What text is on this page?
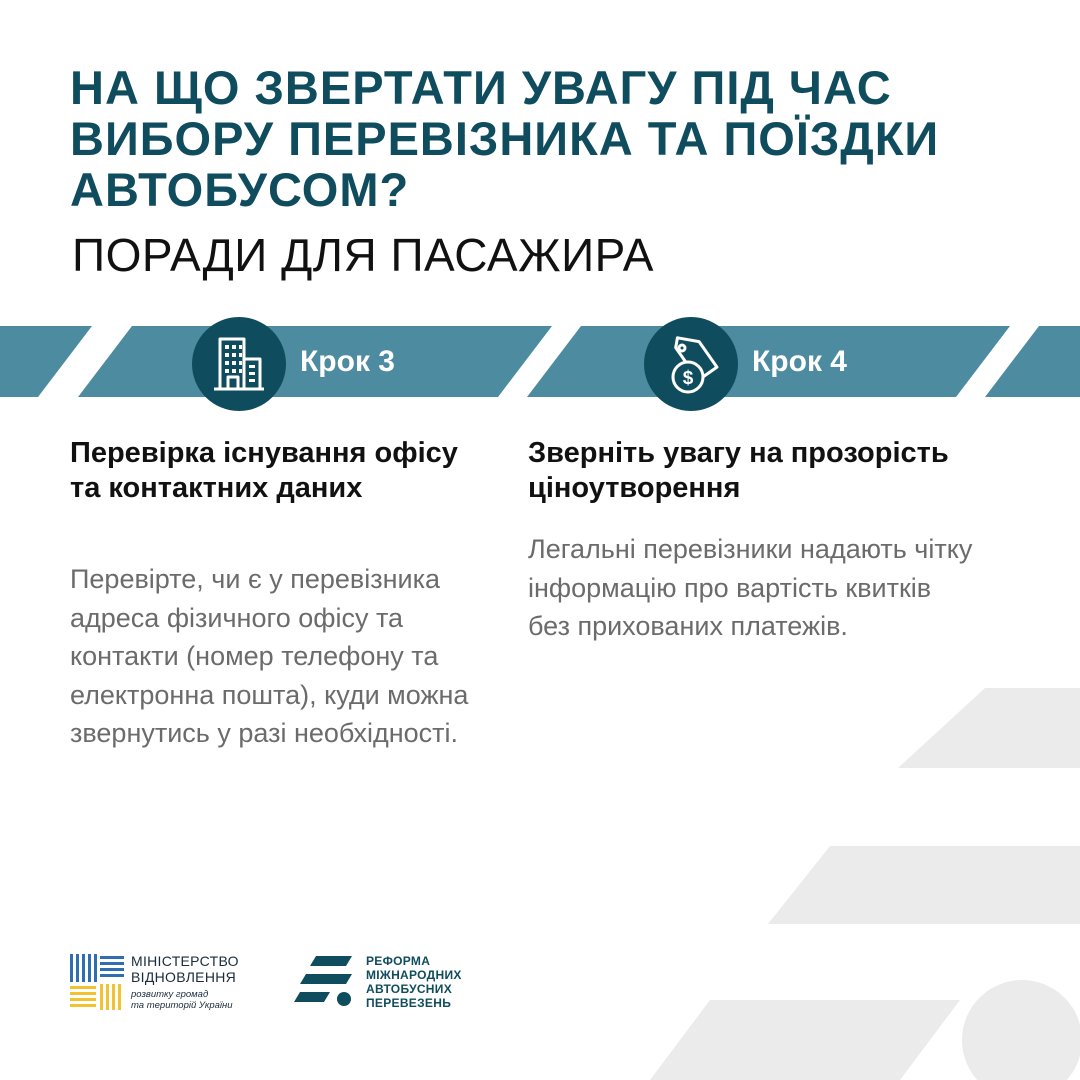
НА ЩО ЗВЕРТАТИ УВАГУ ПІД ЧАС ВИБОРУ ПЕРЕВІЗНИКА ТА ПОЇЗДКИ АВТОБУСОМ?
ПОРАДИ ДЛЯ ПАСАЖИРА
Крок 3
$
Крок 4
Перевірка існування офісу та контактних даних

Перевірте, чи є у перевізника адреса фізичного офісу та контакти (номер телефону та електронна пошта), куди можна звернутись у разі необхідності.

Зверніть увагу на прозорість ціноутворення

Легальні перевізники надають чітку інформацію про вартість квитків без прихованих платежів.

МІНІСТЕРСТВО
ВІДНОВЛЕННЯ
розвитку громад
та територій України
РЕФОРМА
МІЖНАРОДНИХ
АВТОБУСНИХ
ПЕРЕВЕЗЕНЬ
